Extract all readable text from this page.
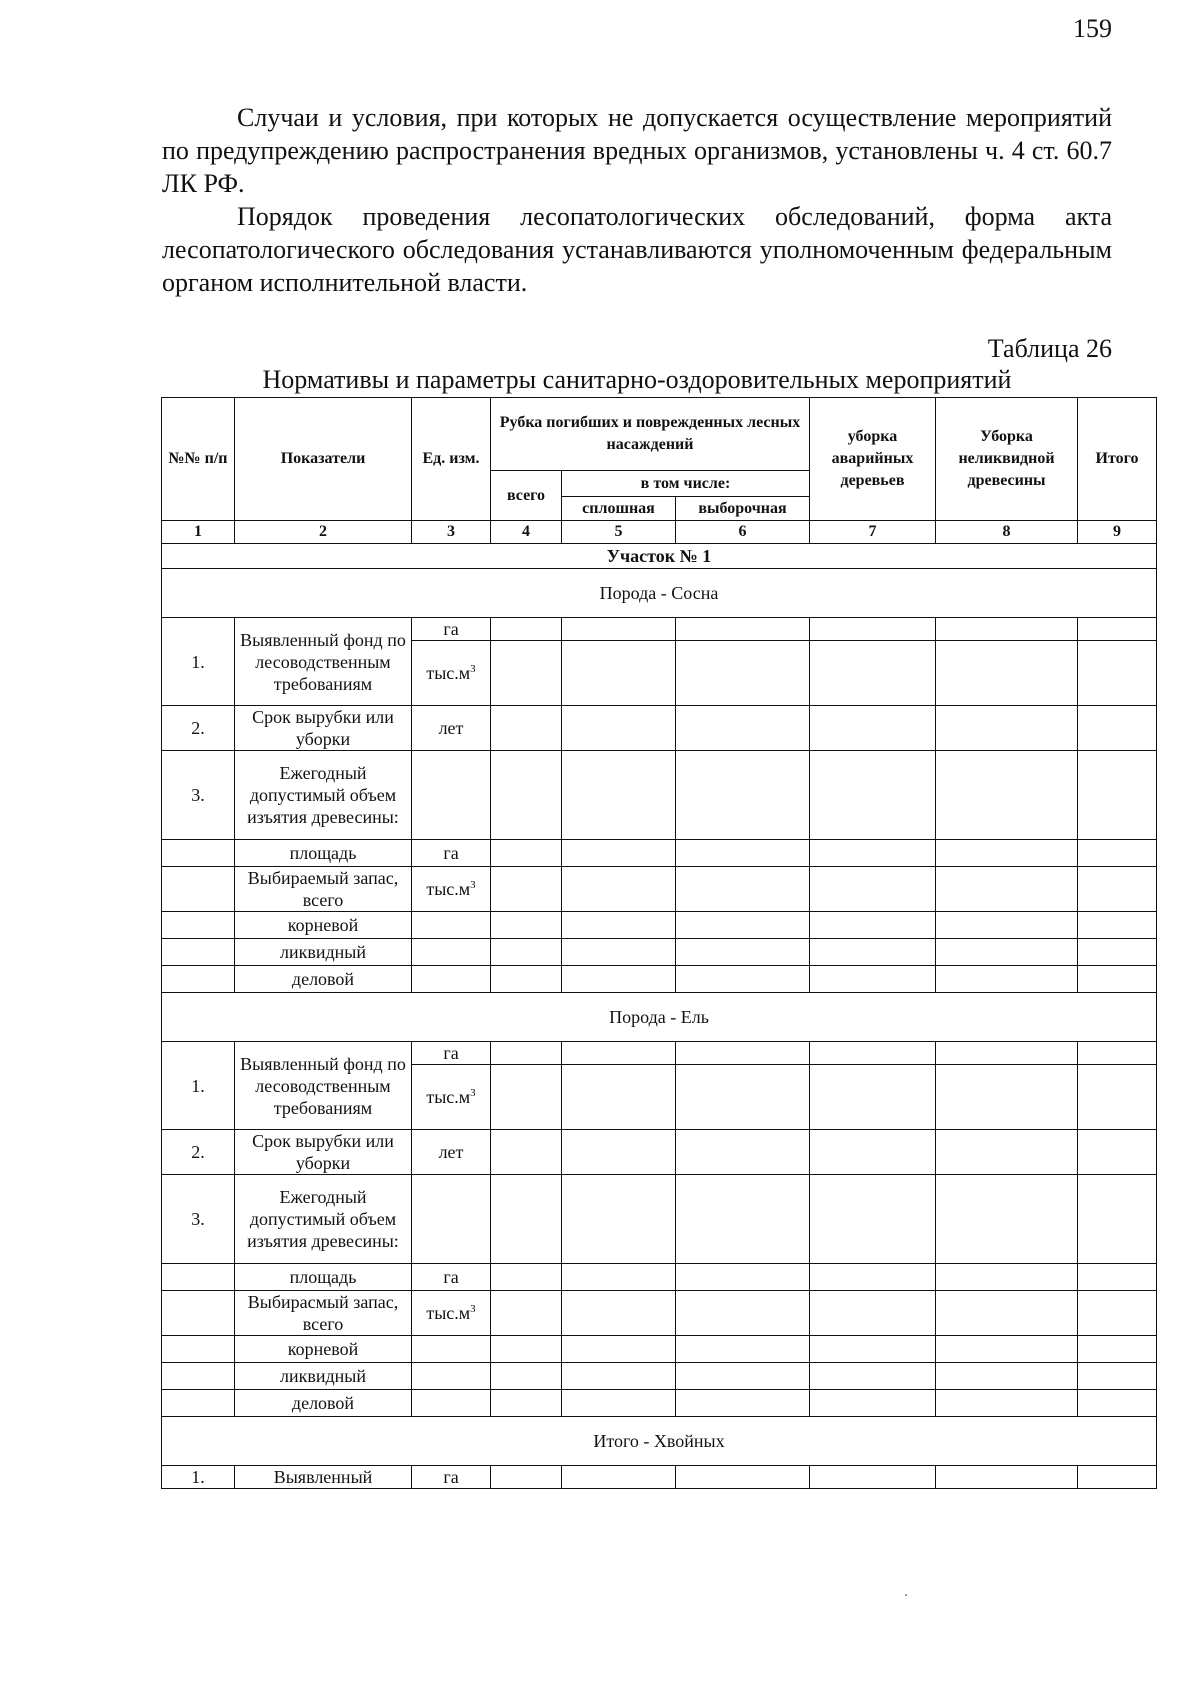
159
Случаи и условия, при которых не допускается осуществление мероприятий по предупреждению распространения вредных организмов, установлены ч. 4 ст. 60.7 ЛК РФ.
Порядок проведения лесопатологических обследований, форма акта лесопатологического обследования устанавливаются уполномоченным федеральным органом исполнительной власти.
Таблица 26
Нормативы и параметры санитарно-оздоровительных мероприятий
№№ п/п	Показатели	Ед. изм.	Рубка погибших и поврежденных лесных насаждений			уборка аварийных деревьев	Уборка неликвидной древесины	Итого
			всего	в том числе:				
				сплошная	выборочная			
1	2	3	4	5	6	7	8	9
Участок № 1								
Порода - Сосна								
1.	Выявленный фонд по лесоводственным требованиям	га						
		$тыс.м^3$						
2.	Срок вырубки или уборки	лет						
3.	Ежегодный допустимый объем изъятия древесины:							
	площадь	га						
	Выбираемый запас, всего	$тыс.м^3$						
	корневой							
	ликвидный							
	деловой							
Порода - Ель								
1.	Выявленный фонд по лесоводственным требованиям	га						
		$тыс.м^3$						
2.	Срок вырубки или уборки	лет						
3.	Ежегодный допустимый объем изъятия древесины:							
	площадь	га						
	Выбирасмый запас, всего	$тыс.м^3$						
	корневой							
	ликвидный							
	деловой							
Итого - Хвойных								
1.	Выявленный	га						
